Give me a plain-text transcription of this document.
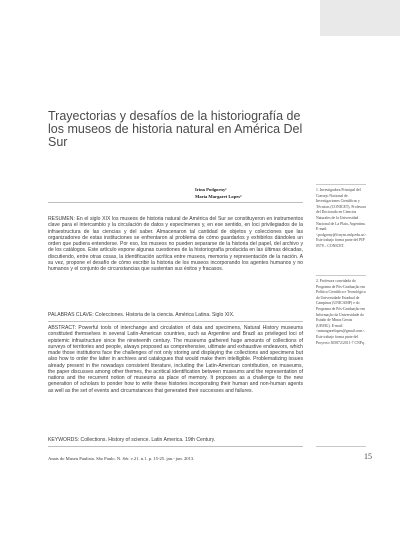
Trayectorias y desafíos de la historiografía de los museos de historia natural en América Del Sur
Irina Podgorny¹
María Margaret Lopes²
1. Investigadora Principal del Consejo Nacional de Investigaciones Científicas y Técnicas (CONICET), Profesora del Doctorado en Ciencias Naturales de la Universidad Nacional de La Plata, Argentina. E-mail: <podgorny@fcnym.unlp.edu.ar>. Este trabajo forma parte del PIP 0578 – CONICET.
2. Profesora convidada do Programa de Pós-Graduação em Política Científica e Tecnológica da Universidade Estadual de Campinas (UNICAMP) e do Programa de Pós-Graduação em Informação da Universidade do Estado de Minas Gerais (UEMG). E-mail: <mmargaretlopes@gmail.com>. Este trabajo forma parte del Proyecto 305872/2011-7 CNPq.

RESUMEN: En el siglo XIX los museos de historia natural de América del Sur se constituyeron en instrumentos clave para el intercambio y la circulación de datos y especímenes y, en ese sentido, en loci privilegiados de la infraestructura de las ciencias y del saber. Almacenaron tal cantidad de objetos y colecciones que las organizadores de estas instituciones se enfrentaron al problema de cómo guardarlos y exhibirlos dándoles un orden que pudiera entenderse. Por eso, los museos no pueden separarse de la historia del papel, del archivo y de los catálogos. Este artículo expone algunas cuestiones de la historiografía producida en las últimas décadas, discutiendo, entre otras cosas, la identificación acrítica entre museos, memoria y representación de la nación. A su vez, propone el desafío de cómo escribir la historia de los museos incorporando los agentes humanos y no humanos y el conjunto de circunstancias que sustentan sus éxitos y fracasos.

PALABRAS CLAVE: Colecciones. Historia de la ciencia. América Latina. Siglo XIX.

ABSTRACT: Powerful tools of interchange and circulation of data and specimens, Natural History museums constituted themselves in several Latin-American countries, such as Argentine and Brazil as privileged loci of epistemic infrastructure since the nineteenth century. The museums gathered huge amounts of collections of surveys of territories and people, always proposed as comprehensive, ultimate and exhaustive endeavors, which made those institutions face the challenges of not only storing and displaying the collections and specimens but also how to order the latter in archives and catalogues that would make them intelligible. Problematizing issues already present in the nowadays consistent literature, including the Latin-American contribution, on museums, the paper discusses among other themes, the acritical identification between museums and the representation of nations and the recurrent notion of museums as place of memory. It proposes as a challenge to the new generation of scholars to ponder how to write these histories incorporating their human and non-human agents as well as the set of events and circumstances that generated their successes and failures.

KEYWORDS: Collections. History of science. Latin America. 19th Century.

Anais do Museu Paulista. São Paulo. N. Sér. v.21. n.1. p. 15-25. jan.- jun. 2013.	15
